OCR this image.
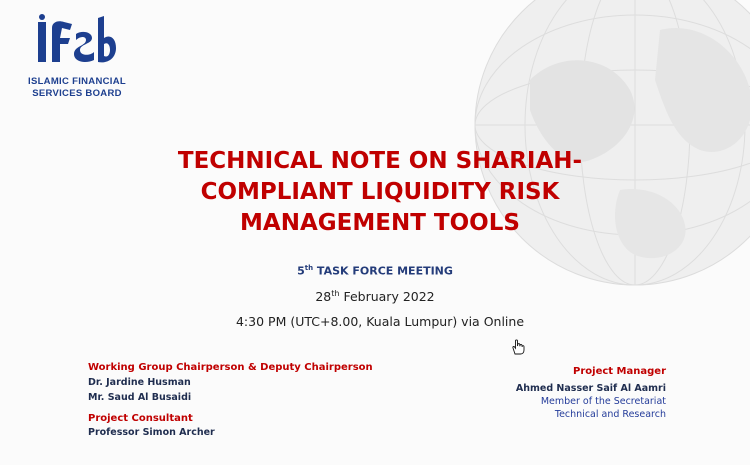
ISLAMIC FINANCIAL
SERVICES BOARD
TECHNICAL NOTE ON SHARIAH-
COMPLIANT LIQUIDITY RISK
MANAGEMENT TOOLS
5th TASK FORCE MEETING
28th February 2022
4:30 PM (UTC+8.00, Kuala Lumpur) via Online
Working Group Chairperson & Deputy Chairperson
Dr. Jardine Husman
Mr. Saud Al Busaidi
Project Consultant
Professor Simon Archer
Project Manager
Ahmed Nasser Saif Al Aamri
Member of the Secretariat
Technical and Research
